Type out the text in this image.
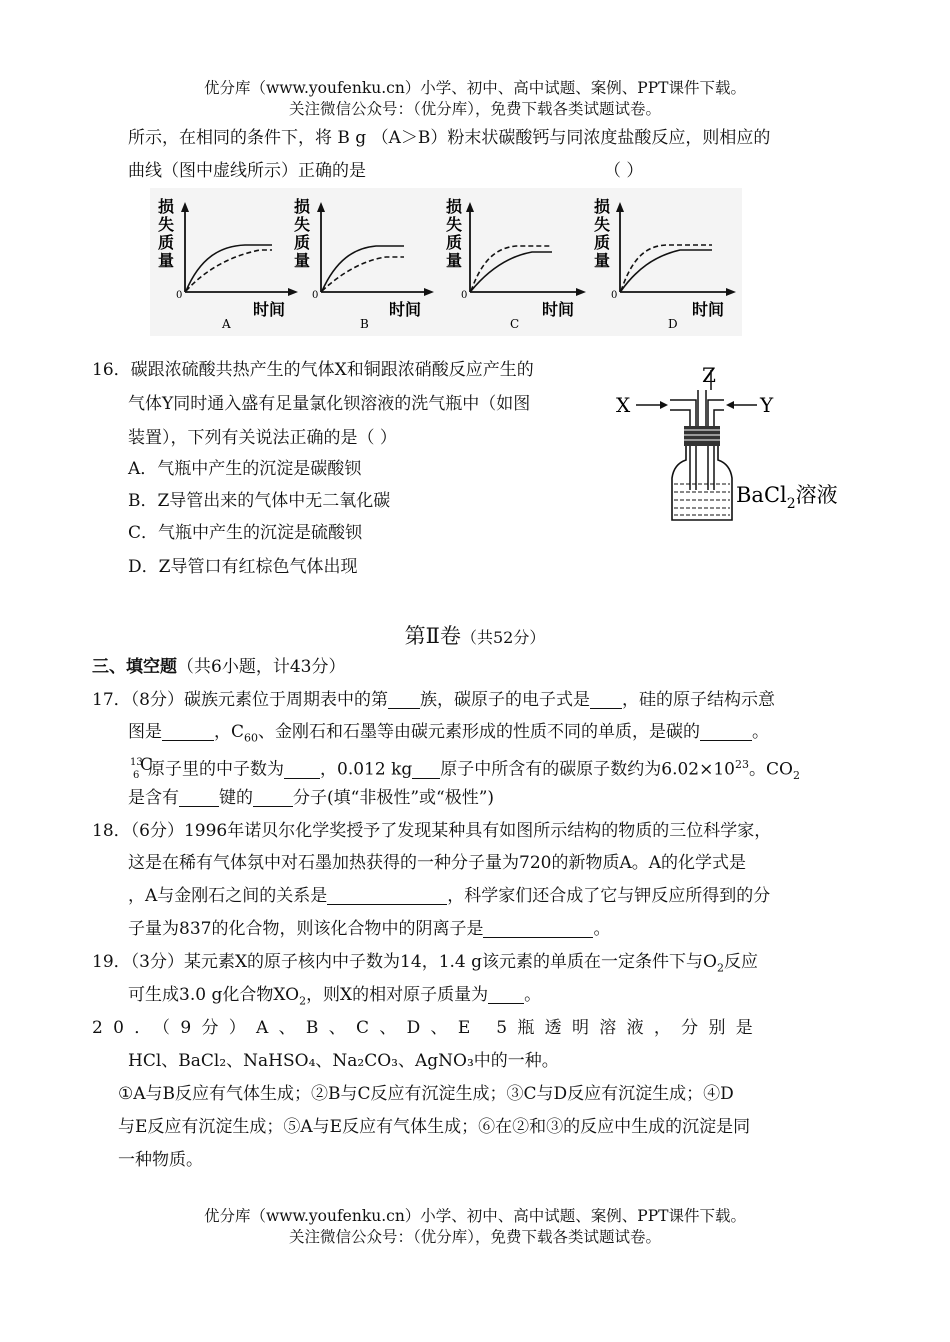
优分库（www.youfenku.cn）小学、初中、高中试题、案例、PPT课件下载。
关注微信公众号：（优分库），免费下载各类试题试卷。
所示，在相同的条件下，将 B g （A＞B）粉末状碳酸钙与同浓度盐酸反应，则相应的
曲线（图中虚线所示）正确的是	（ ）
损
失
质
量
0
时间
A
损
失
质
量
0
时间
B
损
失
质
量
0
时间
C
损
失
质
量
0
时间
D
16．碳跟浓硫酸共热产生的气体X和铜跟浓硝酸反应产生的
气体Y同时通入盛有足量氯化钡溶液的洗气瓶中（如图
装置），下列有关说法正确的是（ ）
A．气瓶中产生的沉淀是碳酸钡
B．Z导管出来的气体中无二氧化碳
C．气瓶中产生的沉淀是硫酸钡
D．Z导管口有红棕色气体出现
Z
X	Y
BaCl$_2$溶液
第Ⅱ卷（共52分）
三、填空题（共6小题，计43分）
17．（8分）碳族元素位于周期表中的第 族，碳原子的电子式是 ，硅的原子结构示意
图是	，$C_{60}$、金刚石和石墨等由碳元素形成的性质不同的单质，是碳的	。
13
6
C
原子里的中子数为 ，0.012 kg 原子中所含有的碳原子数约为$6.02\times 10^{23}$。$CO_2$
是含有 键的 分子(填“非极性”或“极性”)
18．（6分）1996年诺贝尔化学奖授予了发现某种具有如图所示结构的物质的三位科学家，
这是在稀有气体氛中对石墨加热获得的一种分子量为720的新物质A。A的化学式是
，A与金刚石之间的关系是	，科学家们还合成了它与钾反应所得到的分
子量为837的化合物，则该化合物中的阴离子是	。
19．（3分）某元素X的原子核内中子数为14，1.4 g该元素的单质在一定条件下与$O_2$反应
可生成3.0 g化合物$XO_2$，则X的相对原子质量为 。
20．（9分）A、B、C、D、E 5瓶透明溶液，分别是
HCl、BaCl₂、NaHSO₄、Na₂CO₃、AgNO₃中的一种。
①A与B反应有气体生成；②B与C反应有沉淀生成；③C与D反应有沉淀生成；④D
与E反应有沉淀生成；⑤A与E反应有气体生成；⑥在②和③的反应中生成的沉淀是同
一种物质。
优分库（www.youfenku.cn）小学、初中、高中试题、案例、PPT课件下载。
关注微信公众号：（优分库），免费下载各类试题试卷。
